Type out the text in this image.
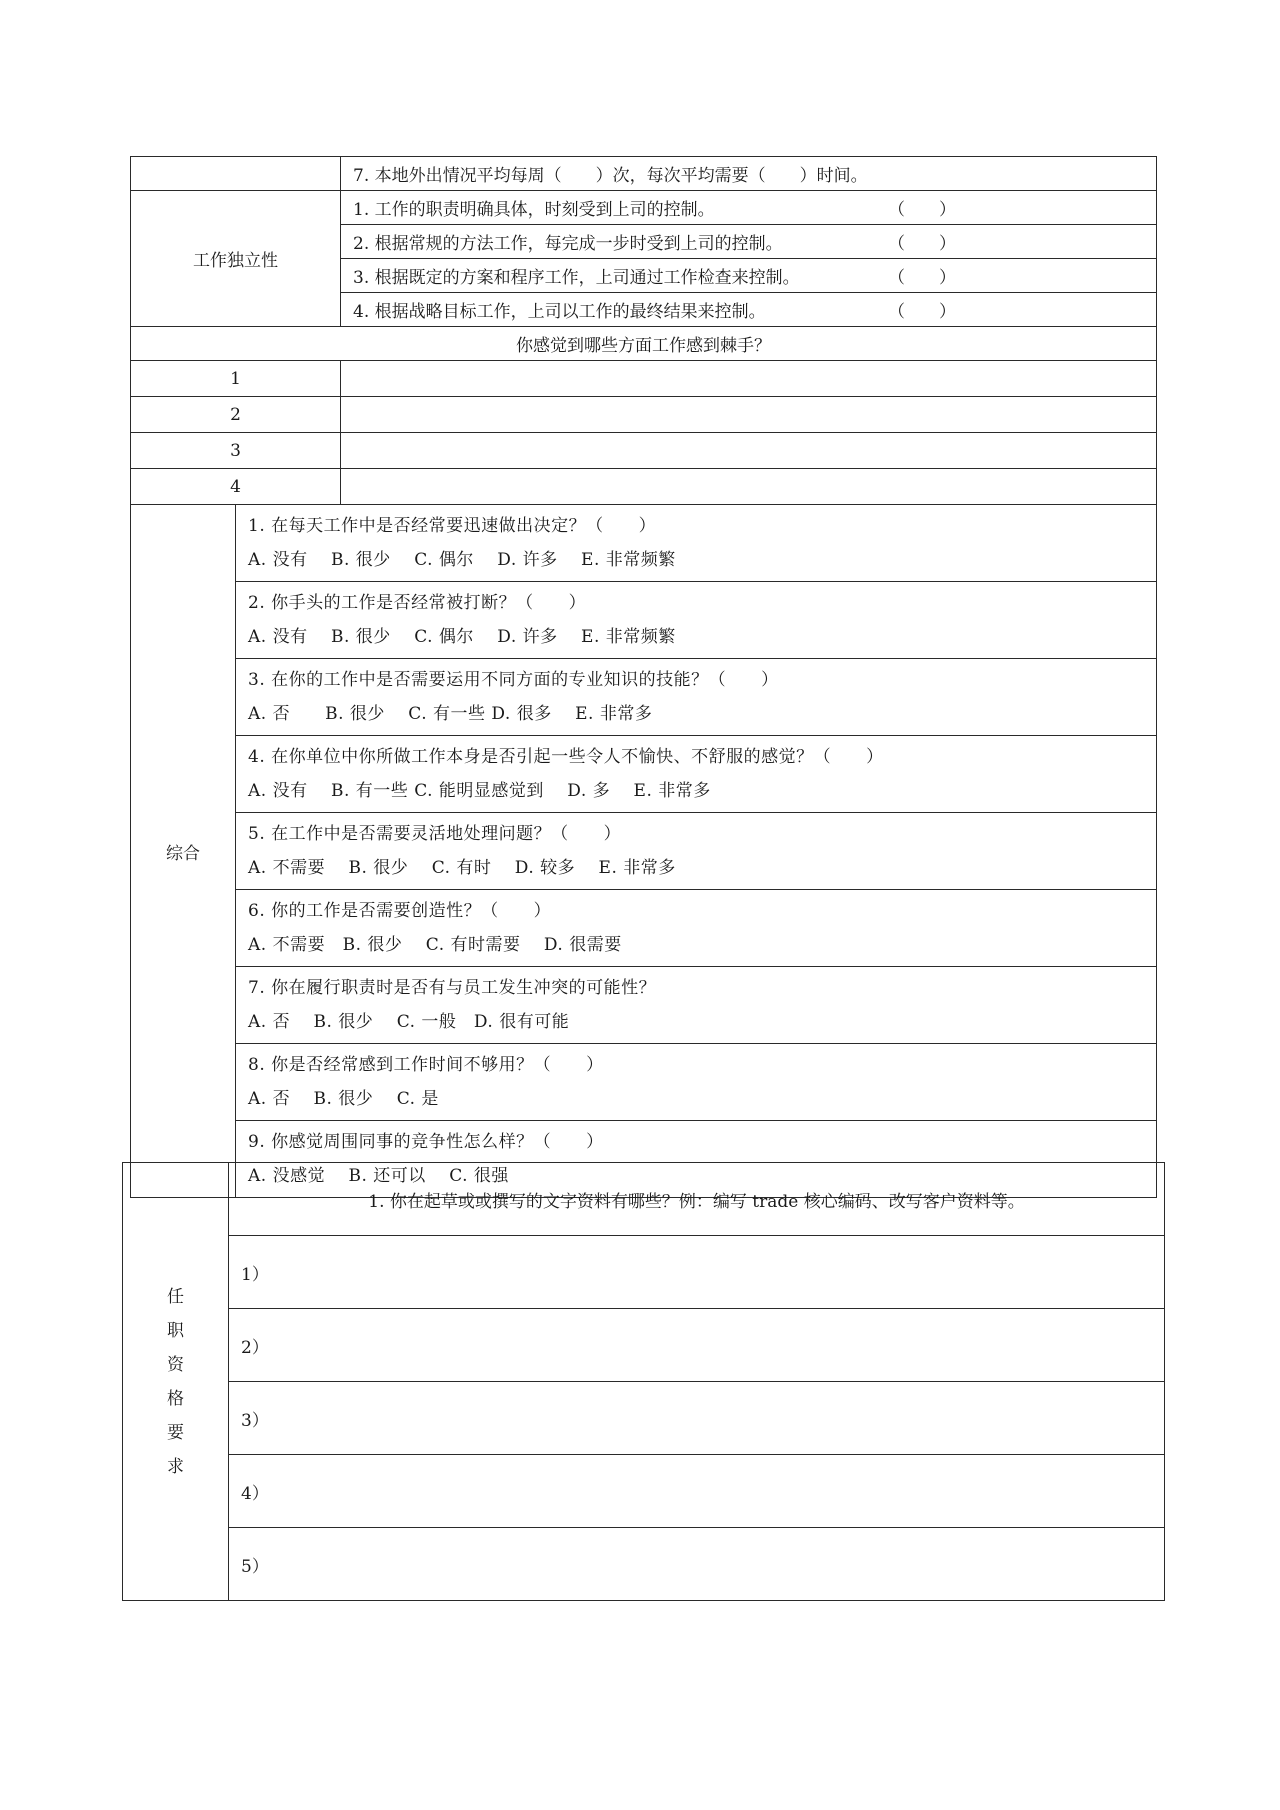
		7. 本地外出情况平均每周（　　）次，每次平均需要（　　）时间。
工作独立性		1. 工作的职责明确具体，时刻受到上司的控制。 （　　）

		2. 根据常规的方法工作，每完成一步时受到上司的控制。 （　　）

		3. 根据既定的方案和程序工作，上司通过工作检查来控制。 （　　）

		4. 根据战略目标工作，上司以工作的最终结果来控制。 （　　）

你感觉到哪些方面工作感到棘手？		
1		
2		
3		
4		
综合	1. 在每天工作中是否经常要迅速做出决定？（　　）
A. 没有　 B. 很少　 C. 偶尔　 D. 许多　 E. 非常频繁	

	2. 你手头的工作是否经常被打断？（　　）
A. 没有　 B. 很少　 C. 偶尔　 D. 许多　 E. 非常频繁	

	3. 在你的工作中是否需要运用不同方面的专业知识的技能？（　　）
A. 否　　B. 很少　 C. 有一些 D. 很多　 E. 非常多	

	4. 在你单位中你所做工作本身是否引起一些令人不愉快、不舒服的感觉？（　　）
A. 没有　 B. 有一些 C. 能明显感觉到　 D. 多　 E. 非常多	

	5. 在工作中是否需要灵活地处理问题？（　　）
A. 不需要　 B. 很少　 C. 有时　 D. 较多　 E. 非常多	

	6. 你的工作是否需要创造性？（　　）
A. 不需要　B. 很少　 C. 有时需要　 D. 很需要	

	7. 你在履行职责时是否有与员工发生冲突的可能性？
A. 否　 B. 很少　 C. 一般　D. 很有可能	

	8. 你是否经常感到工作时间不够用？（　　）
A. 否　 B. 很少　 C. 是	

	9. 你感觉周围同事的竞争性怎么样？（　　）
A. 没感觉　 B. 还可以　 C. 很强	
任
职
资
格
要
求
	1. 你在起草或或撰写的文字资料有哪些？例：编写 trade 核心编码、改写客户资料等。
1）
2）
3）
4）
5）
